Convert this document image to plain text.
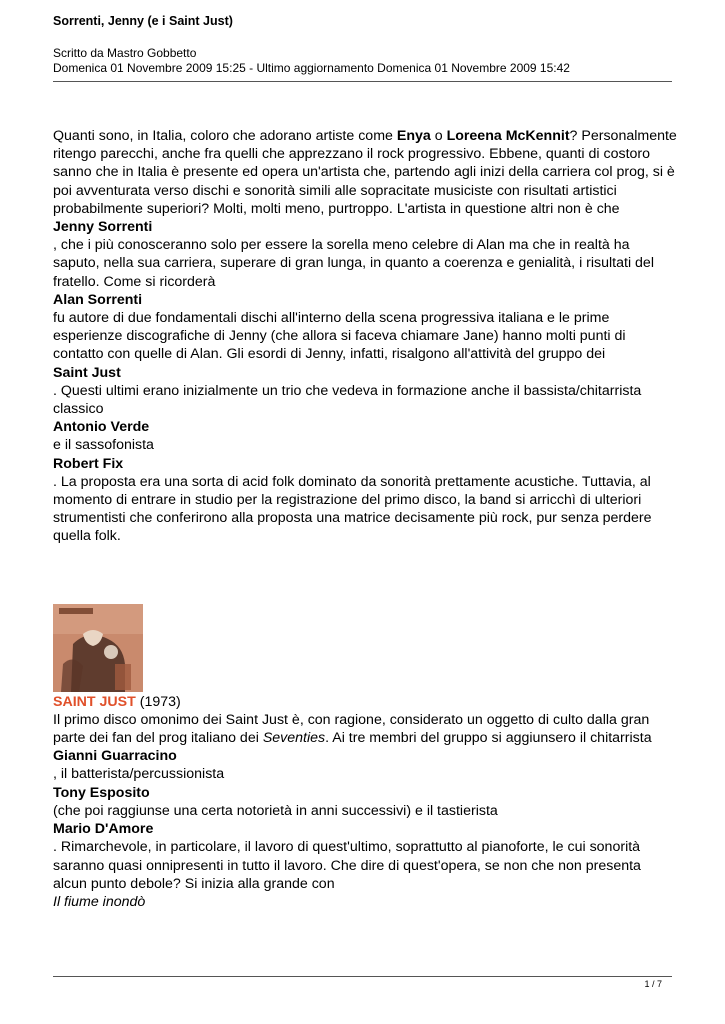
Sorrenti, Jenny (e i Saint Just)
Scritto da Mastro Gobbetto
Domenica 01 Novembre 2009 15:25 - Ultimo aggiornamento Domenica 01 Novembre 2009 15:42

Quanti sono, in Italia, coloro che adorano artiste come Enya o Loreena McKennit? Personalmente ritengo parecchi, anche fra quelli che apprezzano il rock progressivo. Ebbene, quanti di costoro sanno che in Italia è presente ed opera un'artista che, partendo agli inizi della carriera col prog, si è poi avventurata verso dischi e sonorità simili alle sopracitate musiciste con risultati artistici probabilmente superiori? Molti, molti meno, purtroppo. L'artista in questione altri non è che

Jenny Sorrenti

, che i più conosceranno solo per essere la sorella meno celebre di Alan ma che in realtà ha saputo, nella sua carriera, superare di gran lunga, in quanto a coerenza e genialità, i risultati del fratello. Come si ricorderà

Alan Sorrenti

fu autore di due fondamentali dischi all'interno della scena progressiva italiana e le prime esperienze discografiche di Jenny (che allora si faceva chiamare Jane) hanno molti punti di contatto con quelle di Alan. Gli esordi di Jenny, infatti, risalgono all'attività del gruppo dei

Saint Just

. Questi ultimi erano inizialmente un trio che vedeva in formazione anche il bassista/chitarrista classico

Antonio Verde

e il sassofonista

Robert Fix

. La proposta era una sorta di acid folk dominato da sonorità prettamente acustiche. Tuttavia, al momento di entrare in studio per la registrazione del primo disco, la band si arricchì di ulteriori strumentisti che conferirono alla proposta una matrice decisamente più rock, pur senza perdere quella folk.

SAINT JUST (1973)

Il primo disco omonimo dei Saint Just è, con ragione, considerato un oggetto di culto dalla gran parte dei fan del prog italiano dei Seventies. Ai tre membri del gruppo si aggiunsero il chitarrista

Gianni Guarracino

, il batterista/percussionista

Tony Esposito

(che poi raggiunse una certa notorietà in anni successivi) e il tastierista

Mario D'Amore

. Rimarchevole, in particolare, il lavoro di quest'ultimo, soprattutto al pianoforte, le cui sonorità saranno quasi onnipresenti in tutto il lavoro. Che dire di quest'opera, se non che non presenta alcun punto debole? Si inizia alla grande con

Il fiume inondò

1 / 7
